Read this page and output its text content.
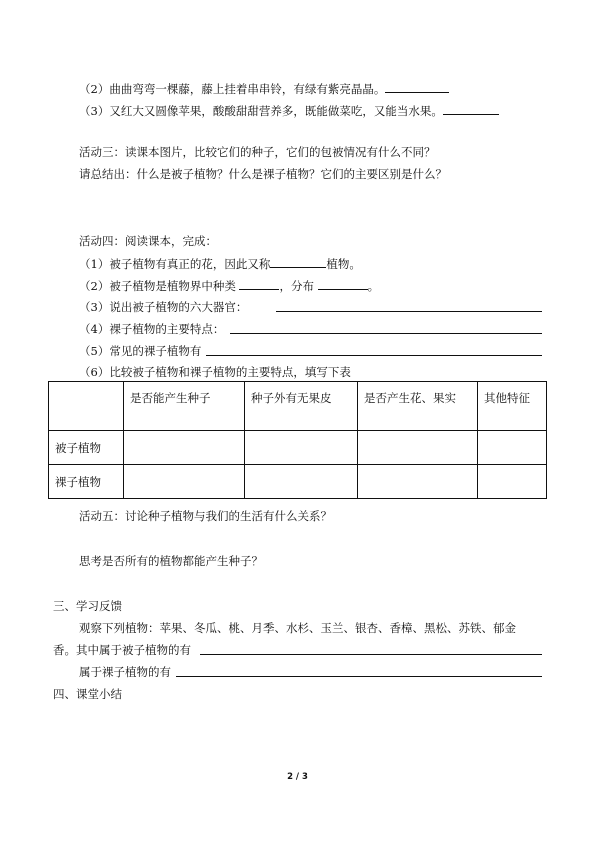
（2）曲曲弯弯一棵藤，藤上挂着串串铃，有绿有紫亮晶晶。
（3）又红大又圆像苹果，酸酸甜甜营养多，既能做菜吃，又能当水果。
活动三：读课本图片，比较它们的种子，它们的包被情况有什么不同？
请总结出：什么是被子植物？什么是裸子植物？它们的主要区别是什么？
活动四：阅读课本，完成：
（1）被子植物有真正的花，因此又称	植物。
（2）被子植物是植物界中种类	，分布	。
（3）说出被子植物的六大器官：
（4）裸子植物的主要特点：
（5）常见的裸子植物有
（6）比较被子植物和裸子植物的主要特点，填写下表
	是否能产生种子	种子外有无果皮	是否产生花、果实	其他特征
被子植物				
裸子植物				
活动五：讨论种子植物与我们的生活有什么关系？
思考是否所有的植物都能产生种子？
三、学习反馈
观察下列植物：苹果、冬瓜、桃、月季、水杉、玉兰、银杏、香樟、黑松、苏铁、郁金
香。其中属于被子植物的有
属于裸子植物的有
四、课堂小结
2 / 3
